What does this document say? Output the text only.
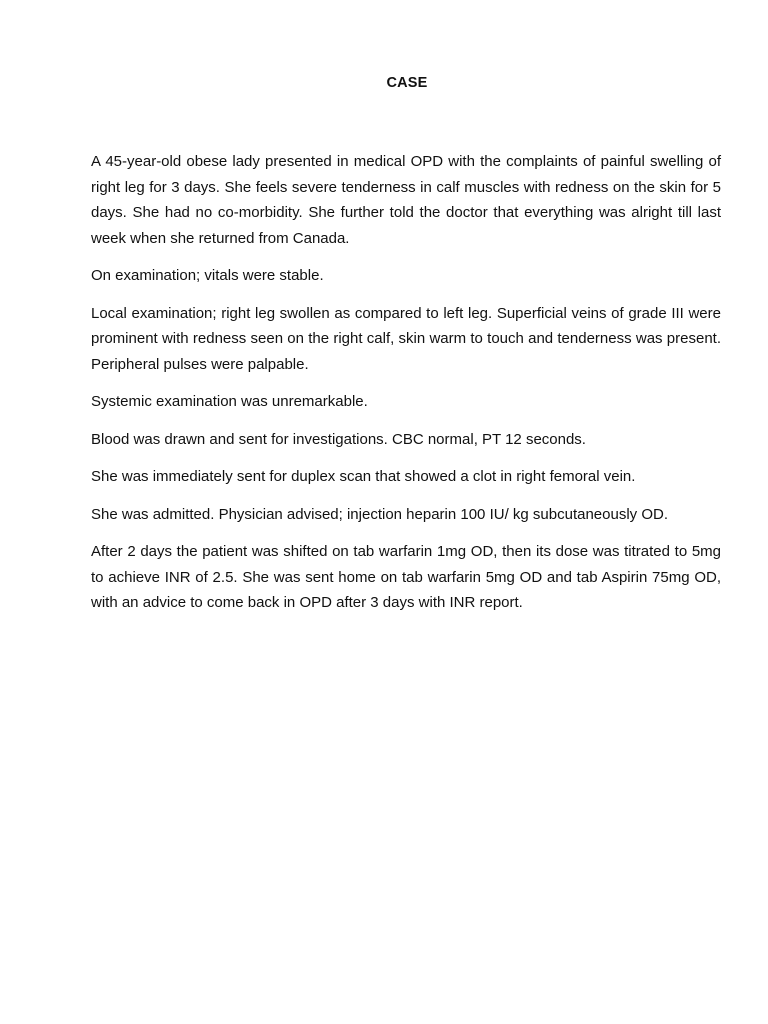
CASE

A 45-year-old obese lady presented in medical OPD with the complaints of painful swelling of right leg for 3 days. She feels severe tenderness in calf muscles with redness on the skin for 5 days. She had no co-morbidity. She further told the doctor that everything was alright till last week when she returned from Canada.

On examination; vitals were stable.

Local examination; right leg swollen as compared to left leg. Superficial veins of grade III were prominent with redness seen on the right calf, skin warm to touch and tenderness was present. Peripheral pulses were palpable.

Systemic examination was unremarkable.

Blood was drawn and sent for investigations. CBC normal, PT 12 seconds.

She was immediately sent for duplex scan that showed a clot in right femoral vein.

She was admitted. Physician advised; injection heparin 100 IU/ kg subcutaneously OD.

After 2 days the patient was shifted on tab warfarin 1mg OD, then its dose was titrated to 5mg to achieve INR of 2.5. She was sent home on tab warfarin 5mg OD and tab Aspirin 75mg OD, with an advice to come back in OPD after 3 days with INR report.
